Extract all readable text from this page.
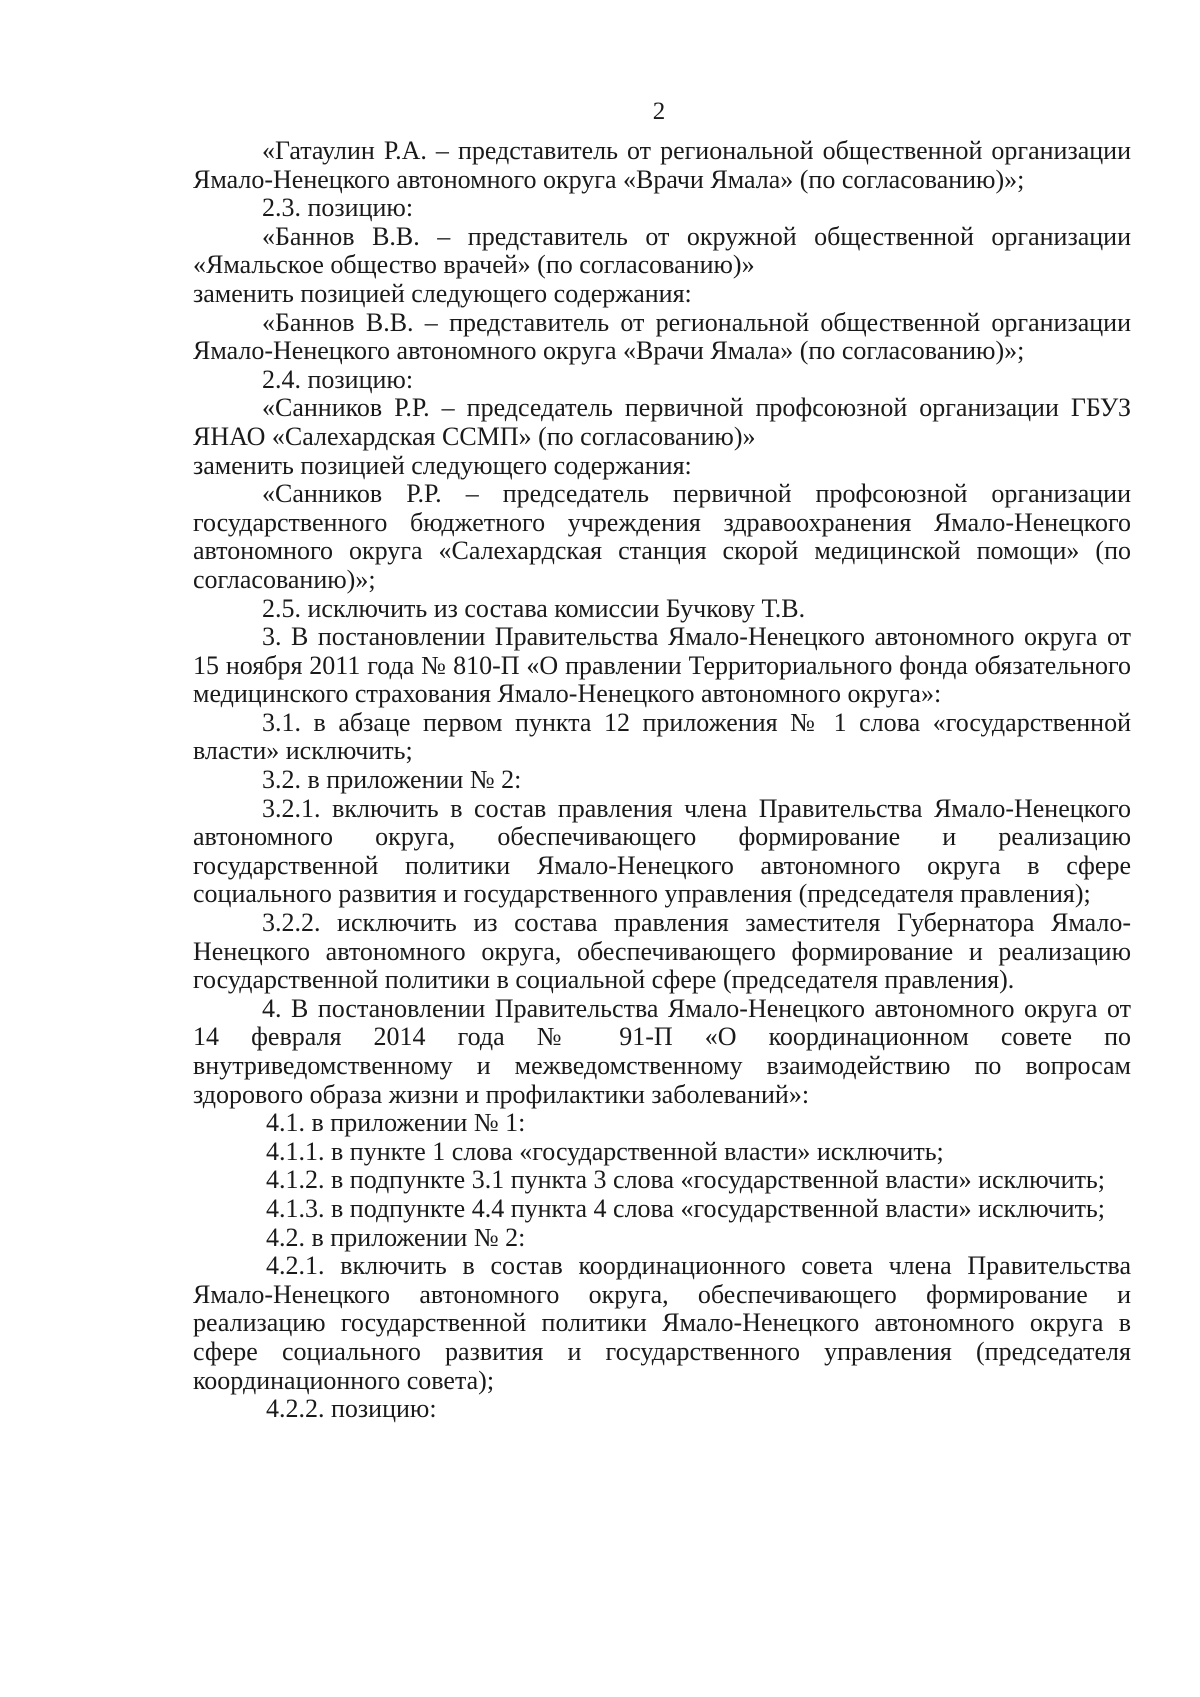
2

«Гатаулин Р.А. – представитель от региональной общественной организации Ямало-Ненецкого автономного округа «Врачи Ямала» (по согласованию)»;

2.3. позицию:

«Баннов В.В. – представитель от окружной общественной организации «Ямальское общество врачей» (по согласованию)»

заменить позицией следующего содержания:

«Баннов В.В. – представитель от региональной общественной организации Ямало-Ненецкого автономного округа «Врачи Ямала» (по согласованию)»;

2.4. позицию:

«Санников Р.Р. – председатель первичной профсоюзной организации ГБУЗ ЯНАО «Салехардская ССМП» (по согласованию)»

заменить позицией следующего содержания:

«Санников Р.Р. – председатель первичной профсоюзной организации государственного бюджетного учреждения здравоохранения Ямало-Ненецкого автономного округа «Салехардская станция скорой медицинской помощи» (по согласованию)»;

2.5. исключить из состава комиссии Бучкову Т.В.

3. В постановлении Правительства Ямало-Ненецкого автономного округа от 15 ноября 2011 года № 810-П «О правлении Территориального фонда обязательного медицинского страхования Ямало-Ненецкого автономного округа»:

3.1. в абзаце первом пункта 12 приложения № 1 слова «государственной власти» исключить;

3.2. в приложении № 2:

3.2.1. включить в состав правления члена Правительства Ямало-Ненецкого автономного округа, обеспечивающего формирование и реализацию государственной политики Ямало-Ненецкого автономного округа в сфере социального развития и государственного управления (председателя правления);

3.2.2. исключить из состава правления заместителя Губернатора Ямало-Ненецкого автономного округа, обеспечивающего формирование и реализацию государственной политики в социальной сфере (председателя правления).

4. В постановлении Правительства Ямало-Ненецкого автономного округа от 14 февраля 2014 года № 91-П «О координационном совете по внутриведомственному и межведомственному взаимодействию по вопросам здорового образа жизни и профилактики заболеваний»:

4.1. в приложении № 1:

4.1.1. в пункте 1 слова «государственной власти» исключить;

4.1.2. в подпункте 3.1 пункта 3 слова «государственной власти» исключить;

4.1.3. в подпункте 4.4 пункта 4 слова «государственной власти» исключить;

4.2. в приложении № 2:

4.2.1. включить в состав координационного совета члена Правительства Ямало-Ненецкого автономного округа, обеспечивающего формирование и реализацию государственной политики Ямало-Ненецкого автономного округа в сфере социального развития и государственного управления (председателя координационного совета);

4.2.2. позицию:
